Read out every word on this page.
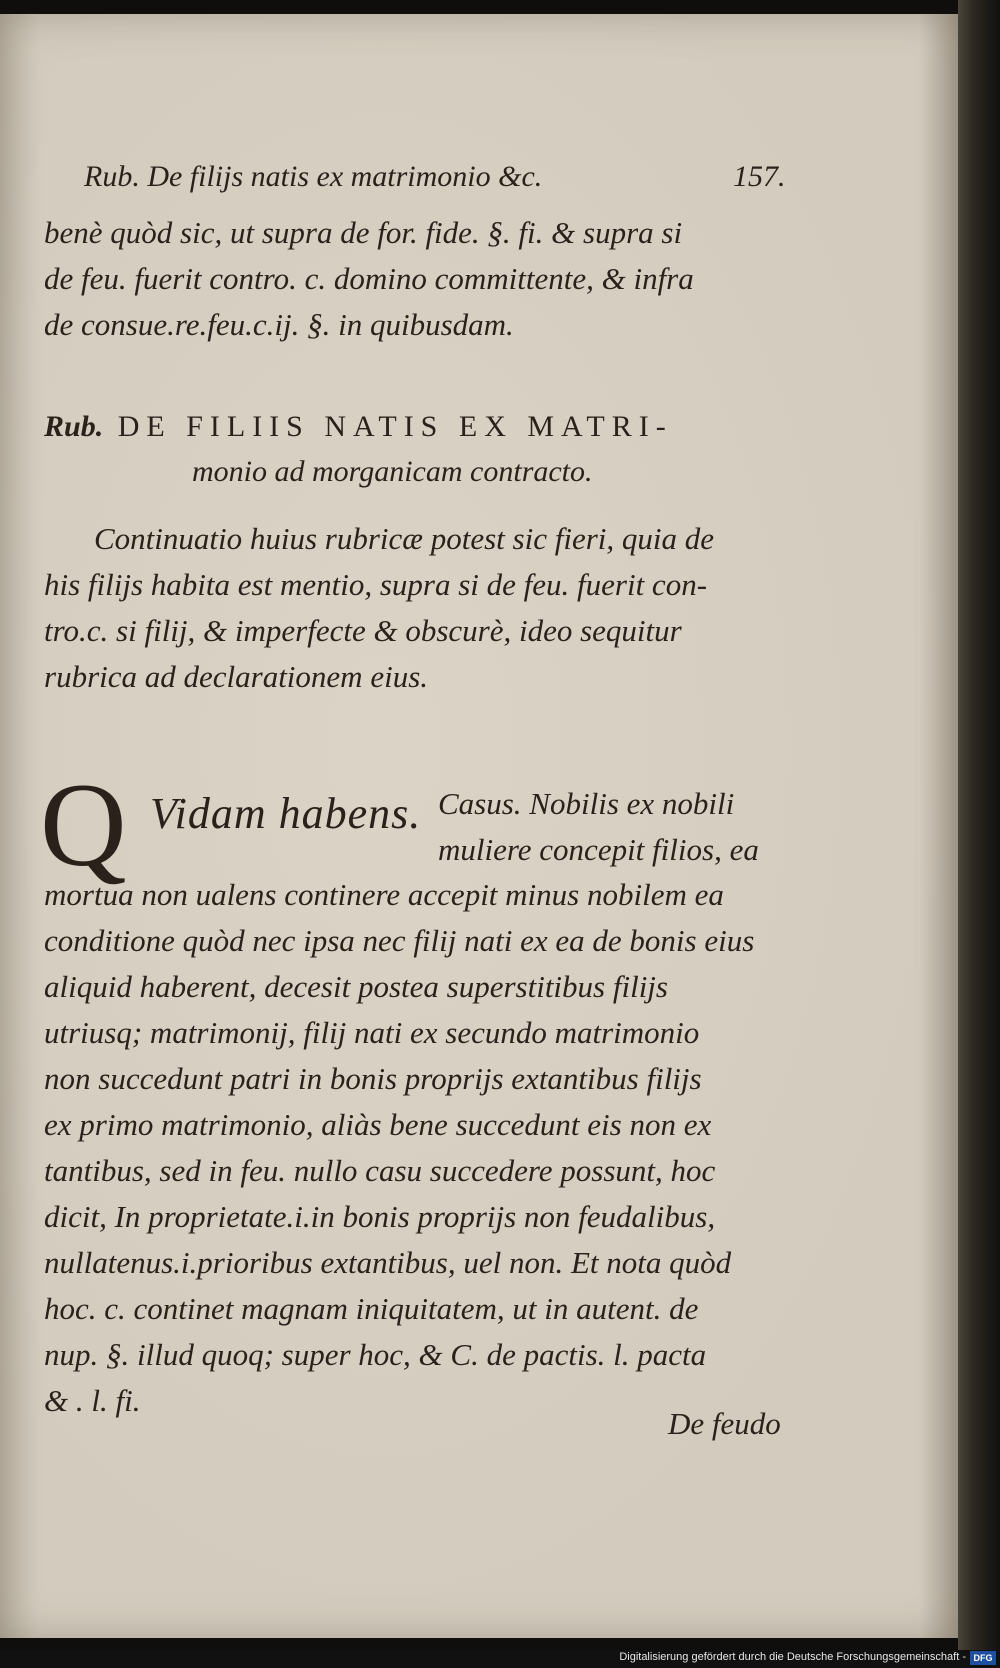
Rub. De filijs natis ex matrimonio &c.	157.
benè quòd sic, ut supra de for. fide. §. fi. & supra si
de feu. fuerit contro. c. domino committente, & infra
de consue.re.feu.c.ij. §. in quibusdam.
Rub. DE FILIIS NATIS EX MATRI-
monio ad morganicam contracto.
Continuatio huius rubricæ potest sic fieri, quia de
his filijs habita est mentio, supra si de feu. fuerit con-
tro.c. si filij, & imperfecte & obscurè, ideo sequitur
rubrica ad declarationem eius.
Q Vidam habens. Casus. Nobilis ex nobili
muliere concepit filios, ea
mortua non ualens continere accepit minus nobilem ea
conditione quòd nec ipsa nec filij nati ex ea de bonis eius
aliquid haberent, decesit postea superstitibus filijs
utriusq; matrimonij, filij nati ex secundo matrimonio
non succedunt patri in bonis proprijs extantibus filijs
ex primo matrimonio, aliàs bene succedunt eis non ex
tantibus, sed in feu. nullo casu succedere possunt, hoc
dicit, In proprietate.i.in bonis proprijs non feudalibus,
nullatenus.i.prioribus extantibus, uel non. Et nota quòd
hoc. c. continet magnam iniquitatem, ut in autent. de
nup. §. illud quoq; super hoc, & C. de pactis. l. pacta
& . l. fi.
De feudo
Digitalisierung gefördert durch die Deutsche Forschungsgemeinschaft - DFG
